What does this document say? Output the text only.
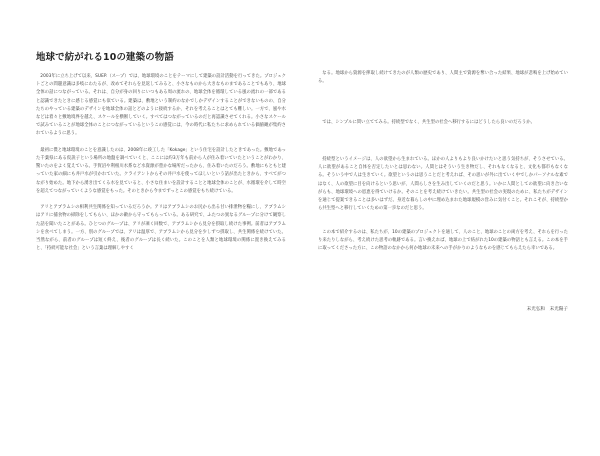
地球で紡がれる10の建築の物語

2003年に立ち上げて以来、SUEP.（スープ）では、地球環境のことをテーマにして建築の設計活動を行ってきた。プロジェクトごとの問題意識は多岐にわたるが、改めてそれらを見返してみると、小さなものから大きなものまであることでもあり、地球全体の話につながっている。それは、自分が身の回りにいつもある周の流れの、地球全体を循環している風の流れの一部であると認識できたときに感じる感覚にも似ている。建築は、敷地という制約のなかでしかデザインすることができないものの、自分たちのやっている建築のデザインを地球全体の話とどのように接続するか、それを考えることはとても難しい。一方で、風や水などは着々と敷地境界を越え、スケールを横断していく。すべてはつながっているのだと再認識させてくれる。小さなスケールで試みていることが地球全体のことにつながっているというこの感覚には、今の時代に私たちに求められている価値観が集約されているように思う。

最初に僕と地球環境のことを意識したのは、2008年に竣工した「Kokage」という住宅を設計したときであった。敷地であった千葉県にある仮説子という場所の地盤を調べていくと、ここには約3万年も前から人が住み着いていたということがわかり、驚いたのをよく覚えている。手賀沼や利根川水系など水資源が豊かな場所だったから、住み着いたのだろう。敷地にもともと建っていた家の細にも井戸水が引かれていた。クライアントからその井戸水を使ってほしいという話が出たときから、すべてがつながり始めた。地下から湧き出てくる水を見ていると、小さな住まいを設計することと地球全体のことが、水循環を介して時空を超えてつながっていくような感覚をもった。そのときから今までずっとこの感覚をもち続けている。

アリとアブラムシの相利共生関係を知っているだろうか。アリはアブラムシのお尻から出る甘い排泄物を糧にし、アブラムシはアリに捕食物の掃除をしてもらい、ほかの敵から守ってもらっている。ある研究で、ふたつの異なるグループに分けて観察した話を聞いたことがある。ひとつのグループは、アリが凍く回数で、アブラムシから見分を摂取し続けた事例。前者はアブラムシを食べてしまう。一方、別のグループでは、アリは温厚で、アブラムシから見分を少しずつ摂取し、共生関係を続けていた。当然ながら、前者のグループは短く終え、後者のグループは長く続いた。このことを人類と地球環境の関係に置き換えてみると、「持続可能な社会」という言葉は理解しやすく

なる。地球から資源を搾取し続けてきたのが人類の歴史であり、人間主で資源を奪い合った結果、地球が悲鳴を上げ始めている。

では、シンプルに問い立ててみる。持続型でなく、共生型の社会へ移行するにはどうしたら良いのだろうか。

持続型というイメージは、人の欲望から生まれている。ほかの人よりもより良いかけたいと思う気持ちが、そうさせている。人に欲望があること自体を否定したいとは思わない。人間とはそういう生き物だし、それもなくなると、文化も都市もなくなる。そういう中で人は生きていく。欲望というのは思うことだと考えれば、その思いが外に出ていく中でしかパーソナルな素ではなく、人の欲望に目を向けるという思いが、人間らしさを生み出していくのだと思う。いかに人間としての欲望に向き合いながらも、地球環境への恩恵を得ていけるか。そのことを考え続けていきたい。共生型の社会の実現のために、私たちがデザインを通じて提案できることは多いはずだ。身近な暮らしの中に埋め込まれた地球規模の営みに気付くこと。それこそが、持続型から共生型へと移行していくための第一歩なのだと思う。

この本で紹介するのは、私たちが、10の建築のプロジェクトを通して、人のこと、地球のことの両方を考え、それらを行ったり来たりしながら、考え続けた思考の軌跡である。言い換えれば、地球の上で紡がれた10の建築の物語とも言える。この本を手に取ってくださった方に、この物語のなかから何か地球の未来への手がかりのようなものを感じてもらえたら幸いである。

末光弘和　末光陽子
